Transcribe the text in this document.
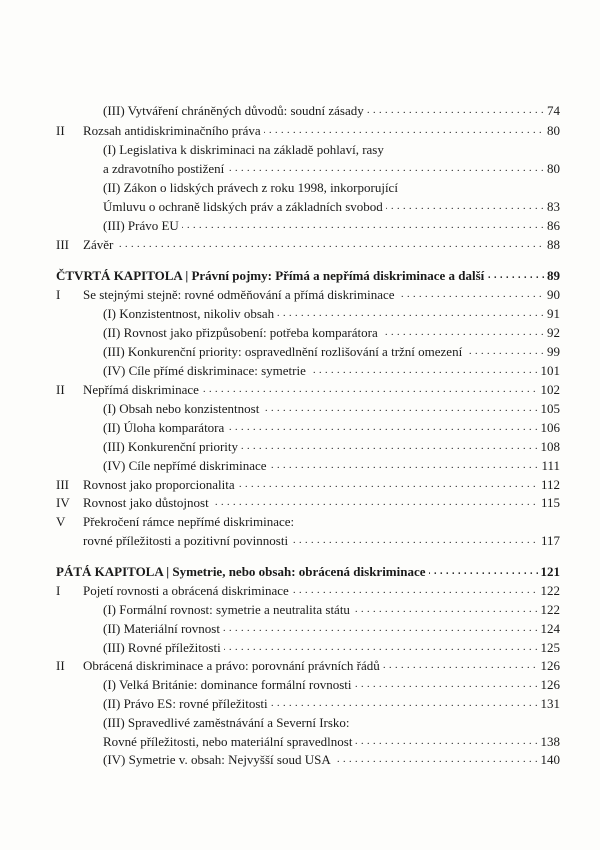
(III) Vytváření chráněných důvodů: soudní zásady . . .	74
II Rozsah antidiskriminačního práva . . .	80
(I) Legislativa k diskriminaci na základě pohlaví, rasy
a zdravotního postižení . . .	80
(II) Zákon o lidských právech z roku 1998, inkorporující
Úmluvu o ochraně lidských práv a základních svobod . . .	83
(III) Právo EU . . .	86
III Závěr . . .	88
ČTVRTÁ KAPITOLA | Právní pojmy: Přímá a nepřímá diskriminace a další . . .	89
I Se stejnými stejně: rovné odměňování a přímá diskriminace . . .	90
(I) Konzistentnost, nikoliv obsah . . .	91
(II) Rovnost jako přizpůsobení: potřeba komparátora . . .	92
(III) Konkurenční priority: ospravedlnění rozlišování a tržní omezení . . .	99
(IV) Cíle přímé diskriminace: symetrie . . .	101
II Nepřímá diskriminace . . .	102
(I) Obsah nebo konzistentnost . . .	105
(II) Úloha komparátora . . .	106
(III) Konkurenční priority . . .	108
(IV) Cíle nepřímé diskriminace . . .	111
III Rovnost jako proporcionalita . . .	112
IV Rovnost jako důstojnost . . .	115
V Překročení rámce nepřímé diskriminace:
rovné příležitosti a pozitivní povinnosti . . .	117
PÁTÁ KAPITOLA | Symetrie, nebo obsah: obrácená diskriminace . . .	121
I Pojetí rovnosti a obrácená diskriminace . . .	122
(I) Formální rovnost: symetrie a neutralita státu . . .	122
(II) Materiální rovnost . . .	124
(III) Rovné příležitosti . . .	125
II Obrácená diskriminace a právo: porovnání právních řádů . . .	126
(I) Velká Británie: dominance formální rovnosti . . .	126
(II) Právo ES: rovné příležitosti . . .	131
(III) Spravedlivé zaměstnávání a Severní Irsko:
Rovné příležitosti, nebo materiální spravedlnost . . .	138
(IV) Symetrie v. obsah: Nejvyšší soud USA . . .	140
